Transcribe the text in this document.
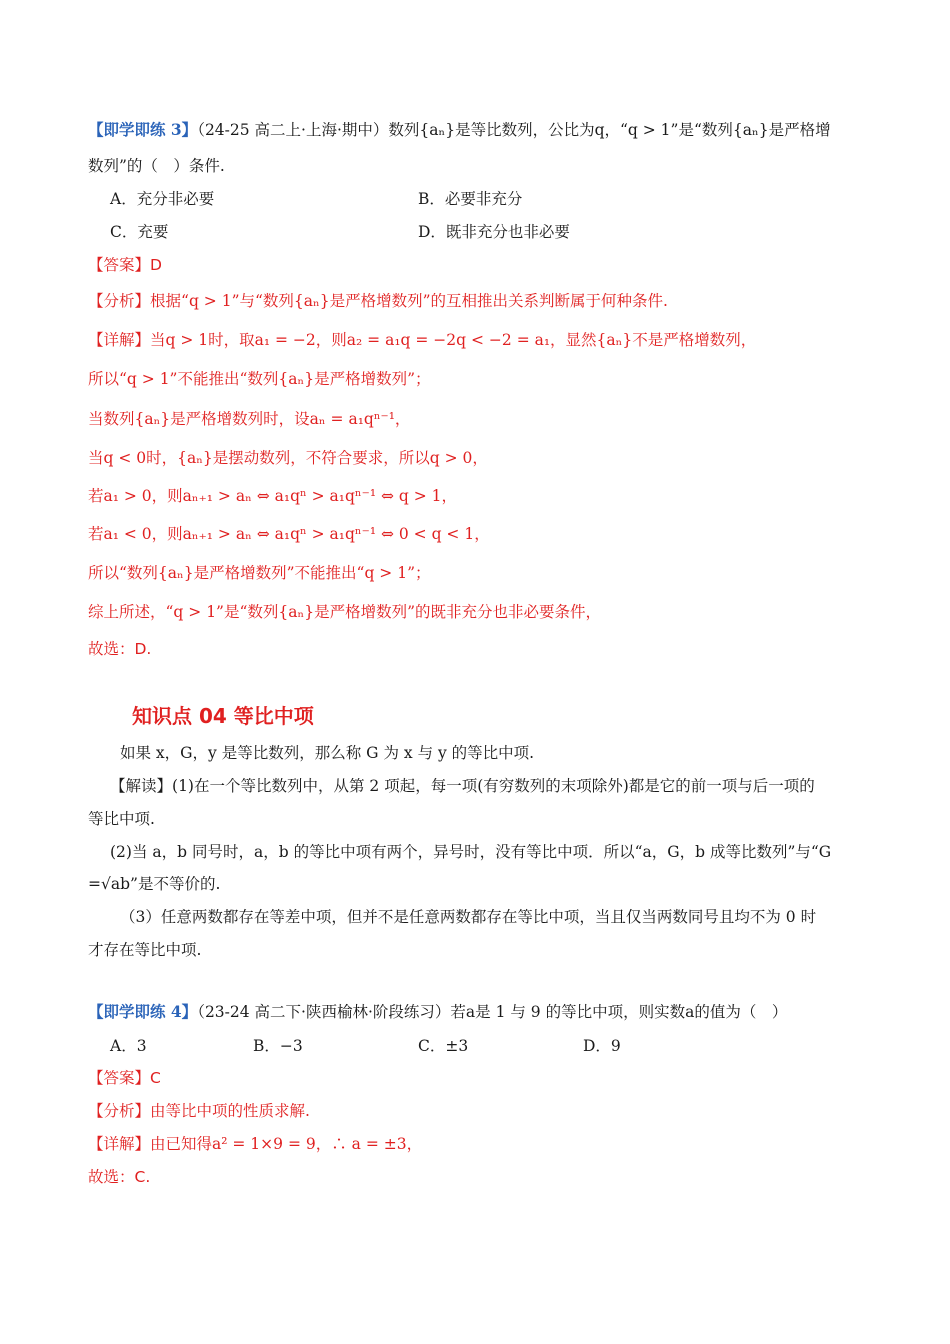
【即学即练 3】（24-25 高二上·上海·期中）数列{aₙ}是等比数列，公比为q，“q > 1”是“数列{aₙ}是严格增
数列”的（　）条件.
A．充分非必要	B．必要非充分
C．充要	D．既非充分也非必要
【答案】D
【分析】根据“q > 1”与“数列{aₙ}是严格增数列”的互相推出关系判断属于何种条件.
【详解】当q > 1时，取a₁ = −2，则a₂ = a₁q = −2q < −2 = a₁，显然{aₙ}不是严格增数列，
所以“q > 1”不能推出“数列{aₙ}是严格增数列”；
当数列{aₙ}是严格增数列时，设aₙ = a₁qⁿ⁻¹，
当q < 0时，{aₙ}是摆动数列，不符合要求，所以q > 0，
若a₁ > 0，则aₙ₊₁ > aₙ ⇔ a₁qⁿ > a₁qⁿ⁻¹ ⇔ q > 1，
若a₁ < 0，则aₙ₊₁ > aₙ ⇔ a₁qⁿ > a₁qⁿ⁻¹ ⇔ 0 < q < 1，
所以“数列{aₙ}是严格增数列”不能推出“q > 1”；
综上所述，“q > 1”是“数列{aₙ}是严格增数列”的既非充分也非必要条件，
故选：D.
知识点 04 等比中项
如果 x，G，y 是等比数列，那么称 G 为 x 与 y 的等比中项.
【解读】(1)在一个等比数列中，从第 2 项起，每一项(有穷数列的末项除外)都是它的前一项与后一项的
等比中项.
(2)当 a，b 同号时，a，b 的等比中项有两个，异号时，没有等比中项．所以“a，G，b 成等比数列”与“G
=√ab”是不等价的.
（3）任意两数都存在等差中项，但并不是任意两数都存在等比中项，当且仅当两数同号且均不为 0 时
才存在等比中项.
【即学即练 4】（23-24 高二下·陕西榆林·阶段练习）若a是 1 与 9 的等比中项，则实数a的值为（　）
A．3	B．−3	C．±3	D．9
【答案】C
【分析】由等比中项的性质求解.
【详解】由已知得a² = 1×9 = 9，∴ a = ±3，
故选：C.
